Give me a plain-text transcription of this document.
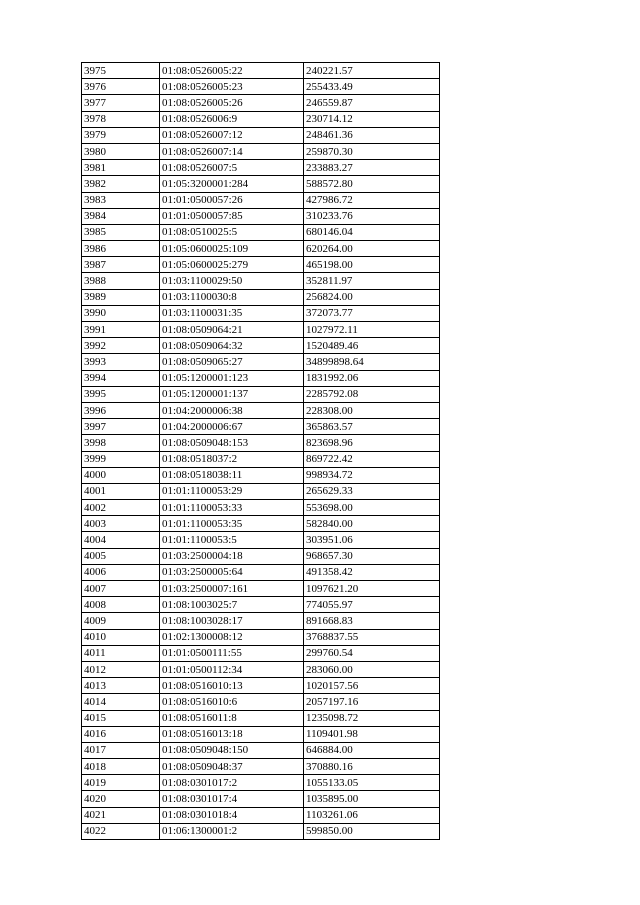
3975	01:08:0526005:22	240221.57
3976	01:08:0526005:23	255433.49
3977	01:08:0526005:26	246559.87
3978	01:08:0526006:9	230714.12
3979	01:08:0526007:12	248461.36
3980	01:08:0526007:14	259870.30
3981	01:08:0526007:5	233883.27
3982	01:05:3200001:284	588572.80
3983	01:01:0500057:26	427986.72
3984	01:01:0500057:85	310233.76
3985	01:08:0510025:5	680146.04
3986	01:05:0600025:109	620264.00
3987	01:05:0600025:279	465198.00
3988	01:03:1100029:50	352811.97
3989	01:03:1100030:8	256824.00
3990	01:03:1100031:35	372073.77
3991	01:08:0509064:21	1027972.11
3992	01:08:0509064:32	1520489.46
3993	01:08:0509065:27	34899898.64
3994	01:05:1200001:123	1831992.06
3995	01:05:1200001:137	2285792.08
3996	01:04:2000006:38	228308.00
3997	01:04:2000006:67	365863.57
3998	01:08:0509048:153	823698.96
3999	01:08:0518037:2	869722.42
4000	01:08:0518038:11	998934.72
4001	01:01:1100053:29	265629.33
4002	01:01:1100053:33	553698.00
4003	01:01:1100053:35	582840.00
4004	01:01:1100053:5	303951.06
4005	01:03:2500004:18	968657.30
4006	01:03:2500005:64	491358.42
4007	01:03:2500007:161	1097621.20
4008	01:08:1003025:7	774055.97
4009	01:08:1003028:17	891668.83
4010	01:02:1300008:12	3768837.55
4011	01:01:0500111:55	299760.54
4012	01:01:0500112:34	283060.00
4013	01:08:0516010:13	1020157.56
4014	01:08:0516010:6	2057197.16
4015	01:08:0516011:8	1235098.72
4016	01:08:0516013:18	1109401.98
4017	01:08:0509048:150	646884.00
4018	01:08:0509048:37	370880.16
4019	01:08:0301017:2	1055133.05
4020	01:08:0301017:4	1035895.00
4021	01:08:0301018:4	1103261.06
4022	01:06:1300001:2	599850.00
